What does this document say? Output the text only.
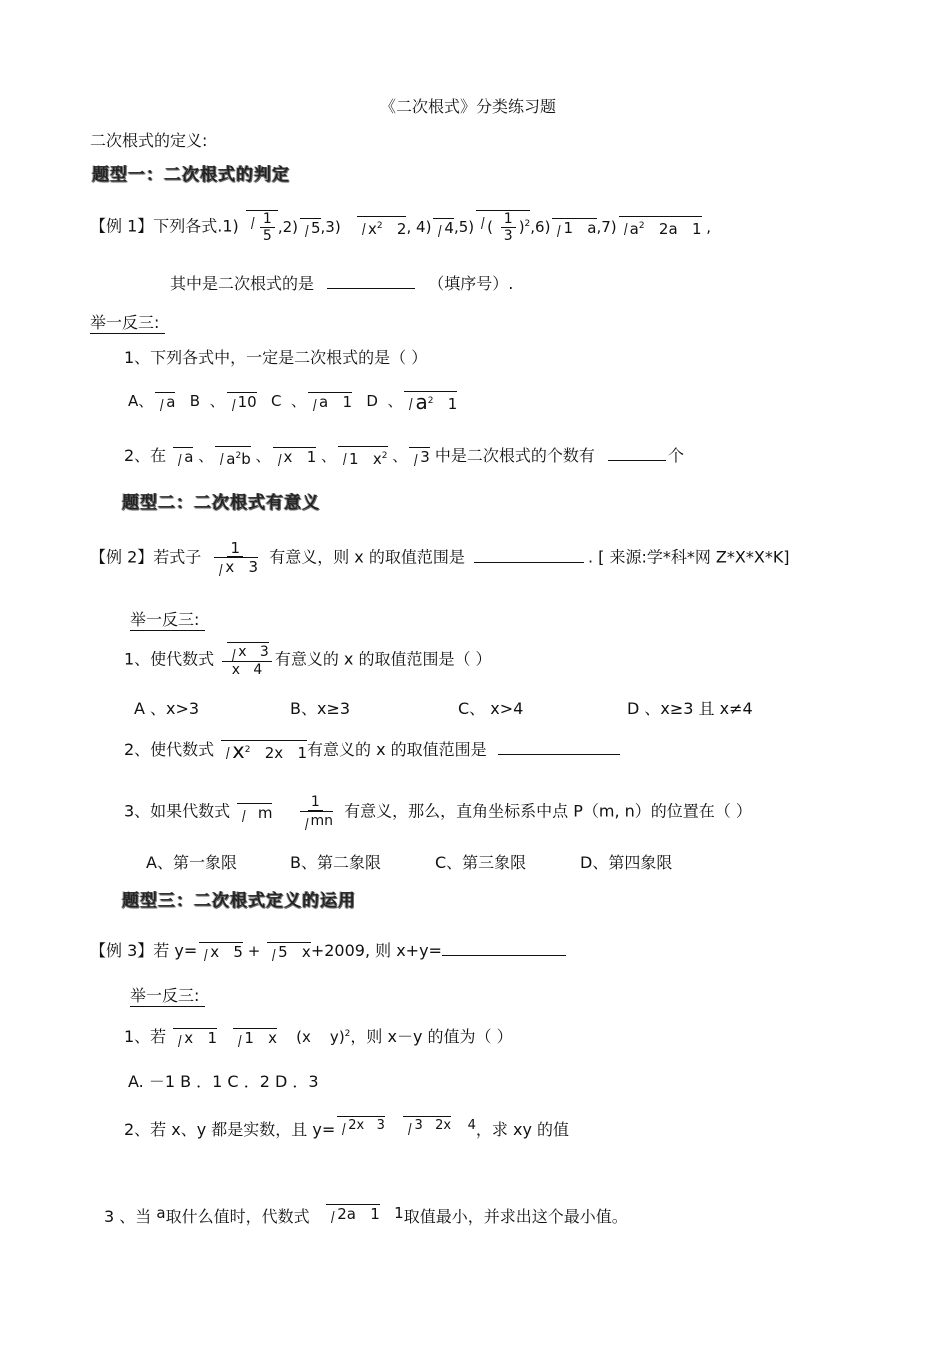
《二次根式》分类练习题
二次根式的定义:
题型一：二次根式的判定
【例 1】下列各式$.1) \frac{1}{5} ,2$) 5,3)   $x^2$   2, 4) 4,5) ( $\frac{1}{3} )^2,6$) 1   a,7) $a^2$   2a   1 ,
其中是二次根式的是	（填序号）.
举一反三:
1、下列各式中，一定是二次根式的是（ ）
A、 a   B  、 10   C  、 a   1   D  、 $a^2$   1
2、在 a 、 $a^2b$ 、 x   1 、 1   $x^2$ 、 3 中是二次根式的个数有	个
题型二：二次根式有意义
【例 2】若式子 $\frac{1}{x 3}$ 有意义，则 x 的取值范围是	. [ 来源:学*科*网 Z*X*X*K]
举一反三:
1、使代数式 $\frac{x 3}{x 4}$ 有意义的 x 的取值范围是（ ）
A 、x>3	B、x≥3	C、 x>4	D 、x≥3 且 x≠4
2、使代数式 $x^2$   2x   1有意义的 x 的取值范围是
3、如果代数式   m $\frac{1}{mn}$ 有意义，那么，直角坐标系中点 P（m, n）的位置在（ ）
A、第一象限	B、第二象限	C、第三象限	D、第四象限
题型三：二次根式定义的运用
【例 3】若 y= x   5 + 5   x+2009, 则 x+y=
举一反三:
1、若 x   1 1   x    (x    y)$^2$，则 x－y 的值为（ ）
A. －1 B ．1 C ．2 D ．3
2、若 x、y 都是实数，且 y= $^{2x 3 3 2x 4}$，求 xy 的值
3 、当 a取什么值时，代数式 2a   1   1取值最小，并求出这个最小值。
